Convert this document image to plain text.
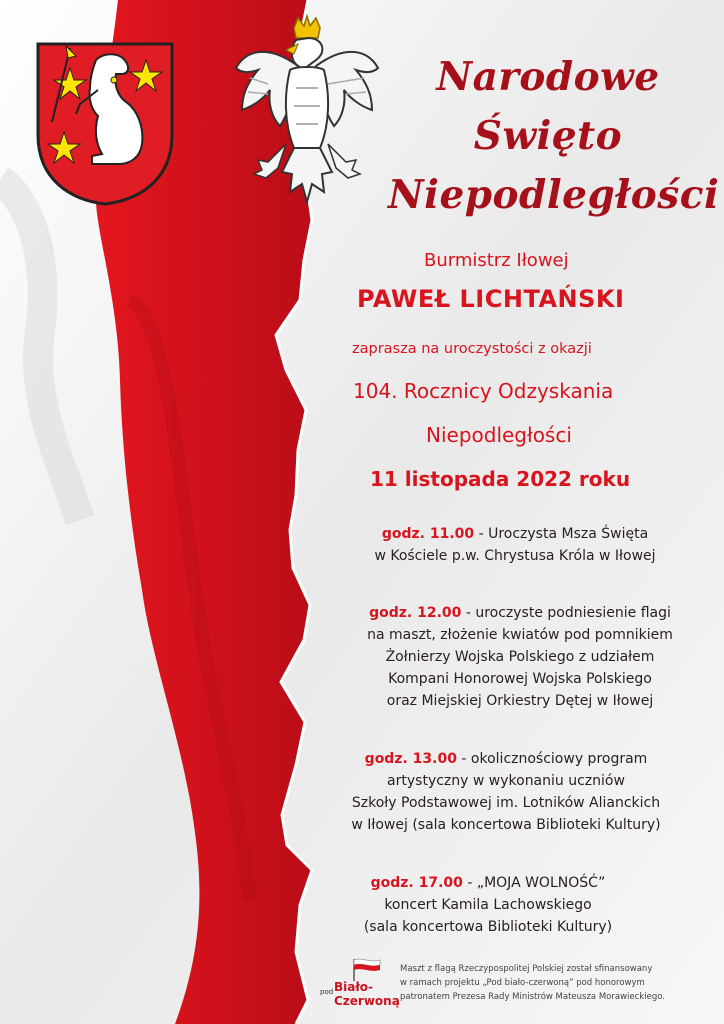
Narodowe
Święto
Niepodległości
Burmistrz Iłowej
PAWEŁ LICHTAŃSKI
zaprasza na uroczystości z okazji
104. Rocznicy Odzyskania
Niepodległości
11 listopada 2022 roku
godz. 11.00 - Uroczysta Msza Święta
w Kościele p.w. Chrystusa Króla w Iłowej
godz. 12.00 - uroczyste podniesienie flagi
na maszt, złożenie kwiatów pod pomnikiem
Żołnierzy Wojska Polskiego z udziałem
Kompani Honorowej Wojska Polskiego
oraz Miejskiej Orkiestry Dętej w Iłowej
godz. 13.00 - okolicznościowy program
artystyczny w wykonaniu uczniów
Szkoły Podstawowej im. Lotników Alianckich
w Iłowej (sala koncertowa Biblioteki Kultury)
godz. 17.00 - „MOJA WOLNOŚĆ”
koncert Kamila Lachowskiego
(sala koncertowa Biblioteki Kultury)
pod Biało-
Czerwoną
Maszt z flagą Rzeczypospolitej Polskiej został sfinansowany
w ramach projektu „Pod biało-czerwoną” pod honorowym
patronatem Prezesa Rady Ministrów Mateusza Morawieckiego.
